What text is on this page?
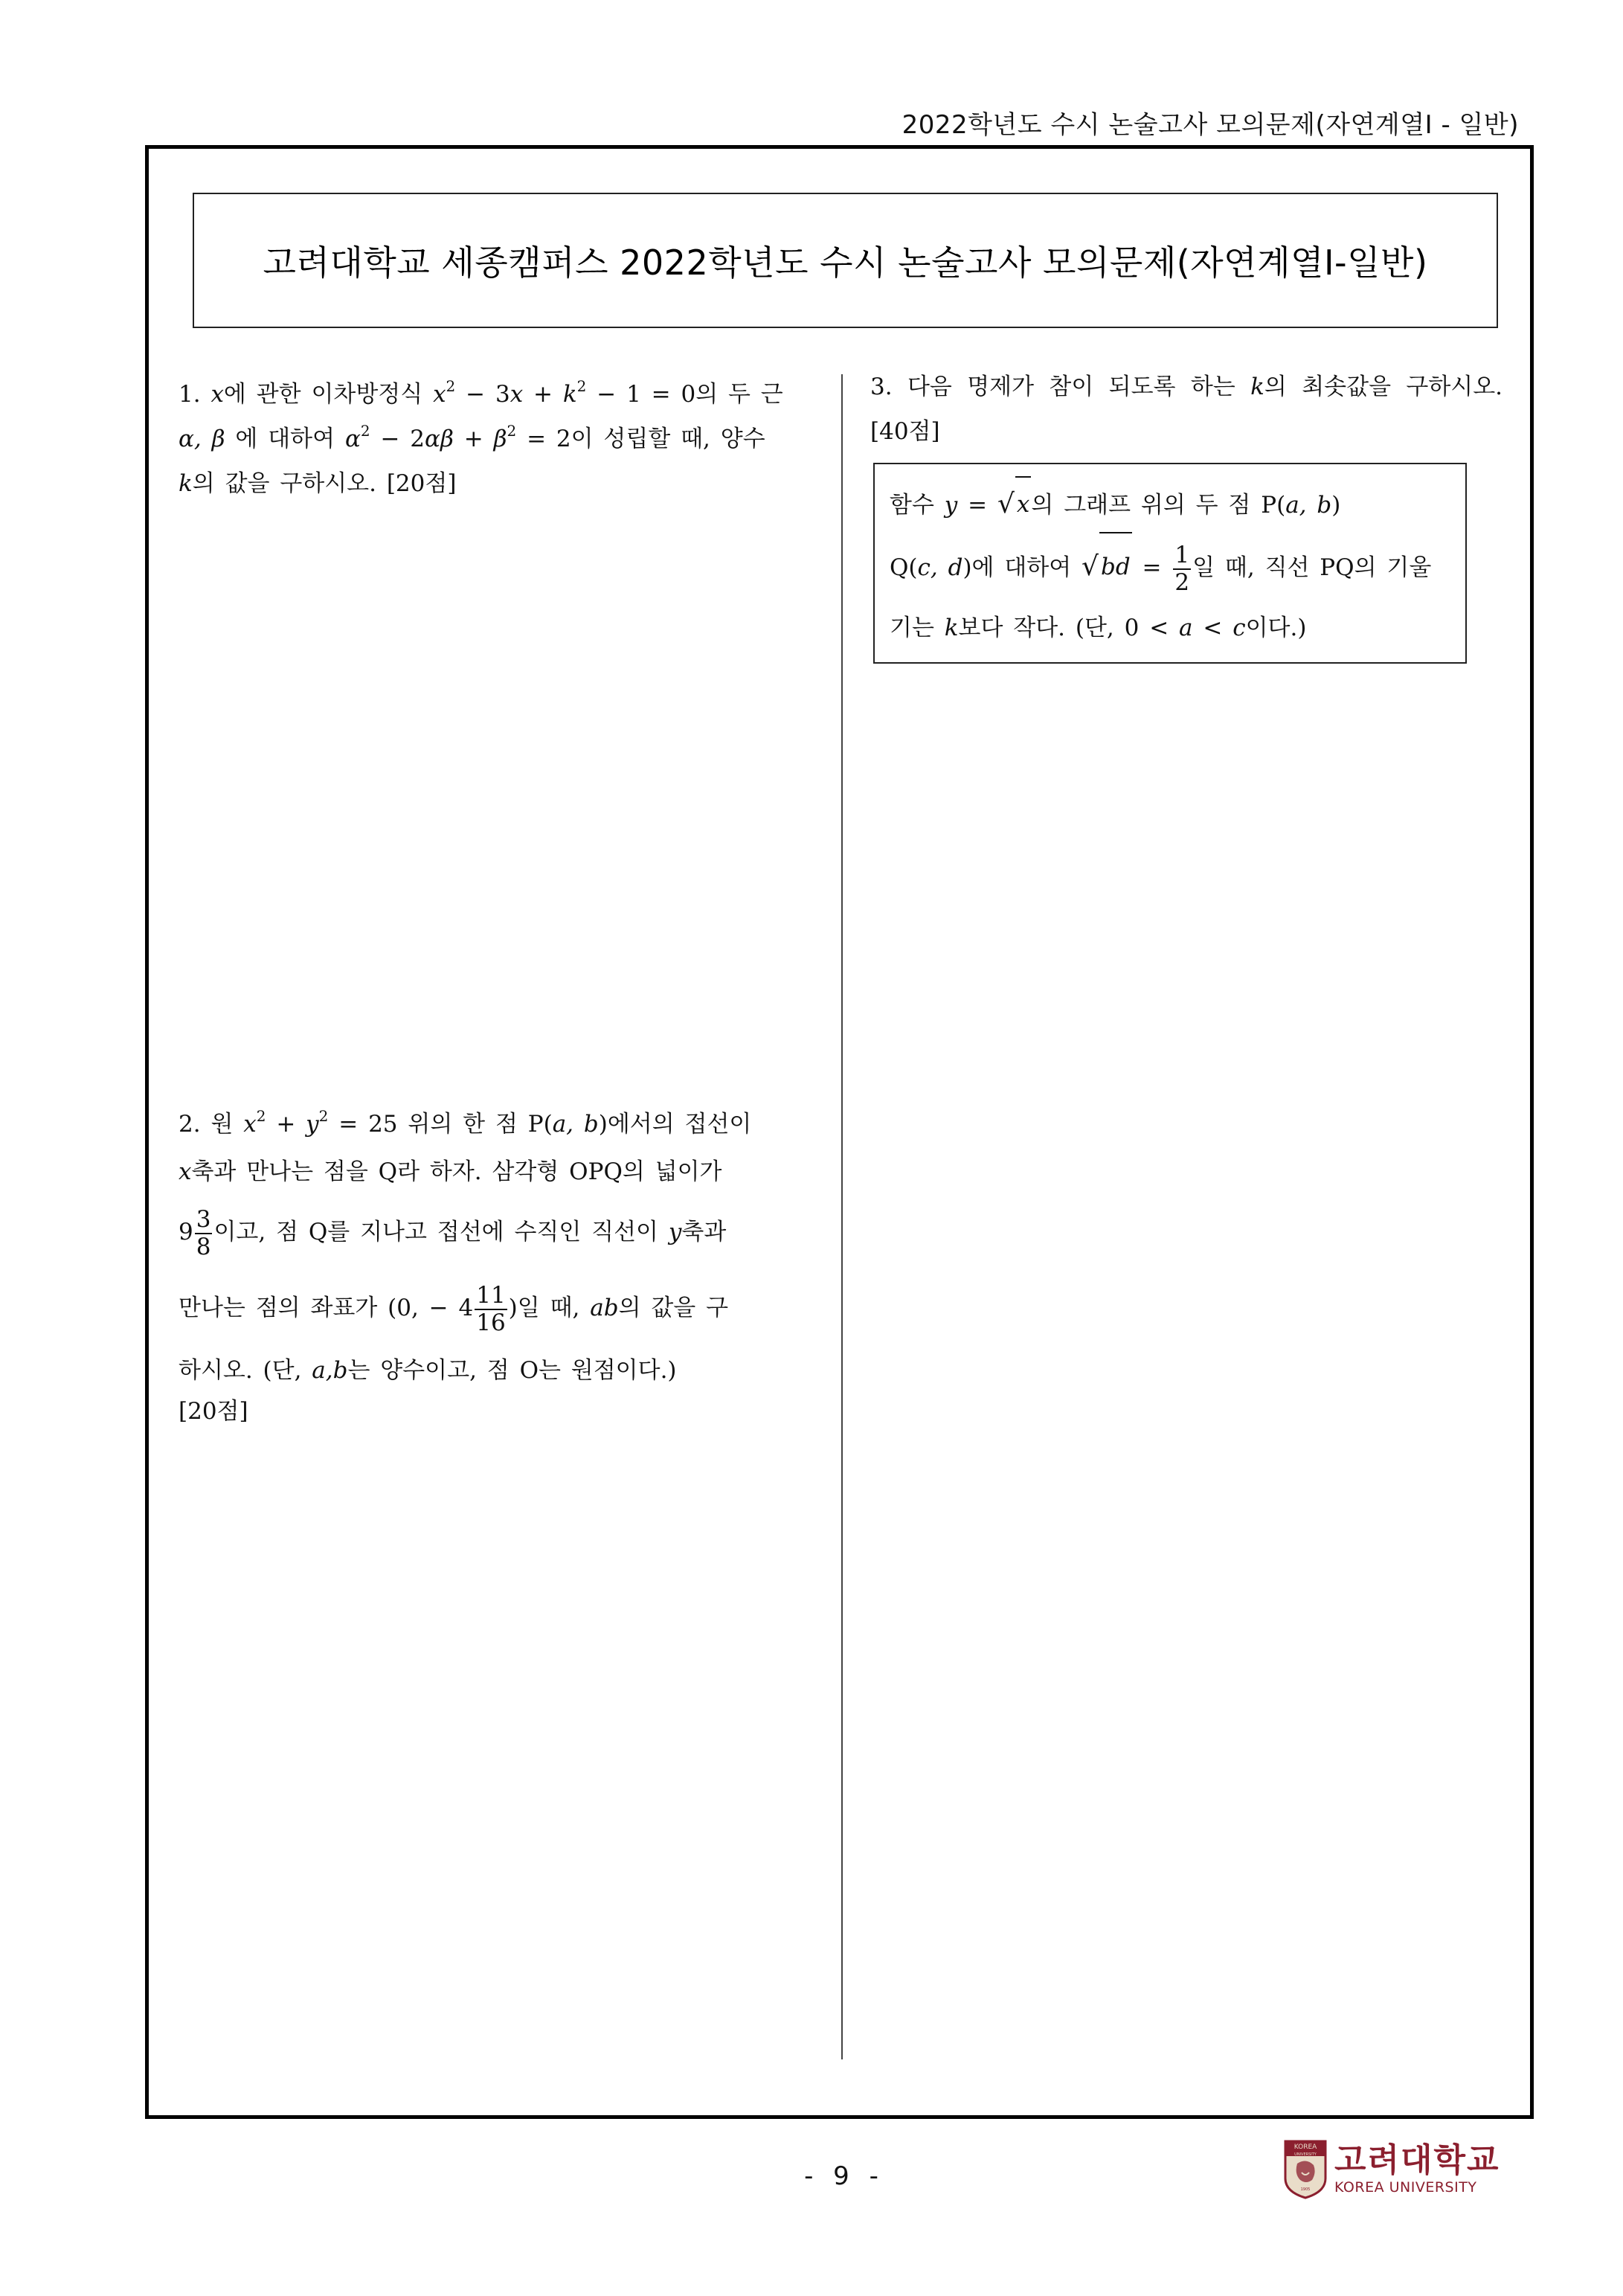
2022학년도 수시 논술고사 모의문제(자연계열Ⅰ - 일반)
고려대학교 세종캠퍼스 2022학년도 수시 논술고사 모의문제(자연계열Ⅰ-일반)

1. x에 관한 이차방정식 $x^2 - 3x + k^2 - 1 = 0$의 두 근

α, β 에 대하여 $\alpha^2 - 2\alpha\beta + \beta^2 = 2$이 성립할 때, 양수

k의 값을 구하시오. [20점]

2. 원 $x^2 + y^2 = 25$ 위의 한 점 P(a, b)에서의 접선이

x축과 만나는 점을 Q라 하자. 삼각형 OPQ의 넓이가

$9 \frac{3}{8}$ 이고, 점 Q를 지나고 접선에 수직인 직선이 y축과

만나는 점의 좌표가 (0, − $4 \frac{11}{16}$ )일 때, ab의 값을 구

하시오. (단, a,b는 양수이고, 점 O는 원점이다.)

[20점]

3. 다음 명제가 참이 되도록 하는 k의 최솟값을 구하시오. [40점]

함수 y = √ x 의 그래프 위의 두 점 P(a, b)

Q(c, d)에 대하여 √ bd = $\frac{1}{2}$ 일 때, 직선 PQ의 기울

기는 k보다 작다. (단, 0 < a < c이다.)

- 9 -
KOREA
UNIVERSITY
1905
고려대학교
KOREA UNIVERSITY
